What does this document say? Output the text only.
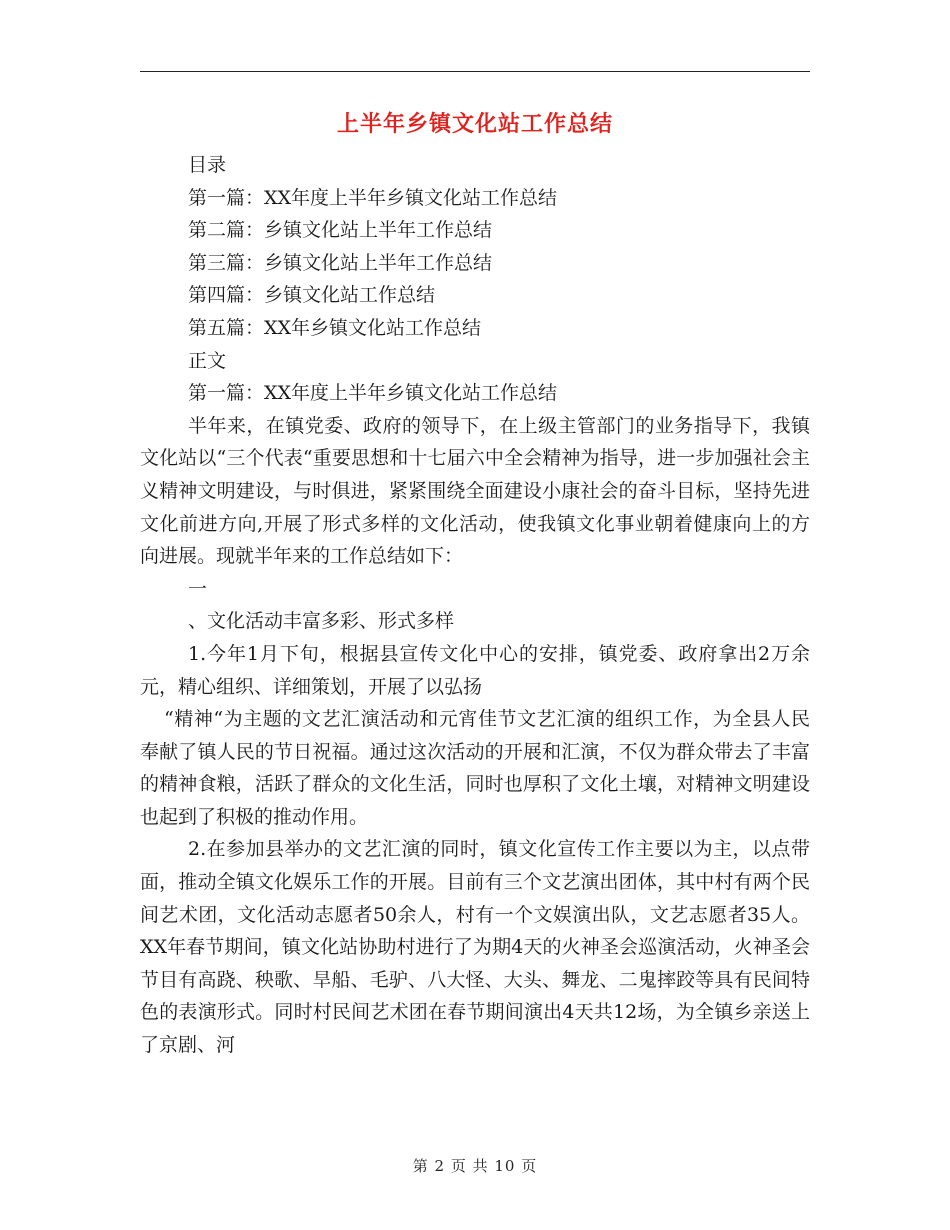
上半年乡镇文化站工作总结

目录

第一篇：XX年度上半年乡镇文化站工作总结

第二篇：乡镇文化站上半年工作总结

第三篇：乡镇文化站上半年工作总结

第四篇：乡镇文化站工作总结

第五篇：XX年乡镇文化站工作总结

正文

第一篇：XX年度上半年乡镇文化站工作总结

半年来，在镇党委、政府的领导下，在上级主管部门的业务指导下，我镇文化站以“三个代表“重要思想和十七届六中全会精神为指导，进一步加强社会主义精神文明建设，与时俱进，紧紧围绕全面建设小康社会的奋斗目标，坚持先进文化前进方向,开展了形式多样的文化活动，使我镇文化事业朝着健康向上的方向进展。现就半年来的工作总结如下：

一

、文化活动丰富多彩、形式多样

1.今年1月下旬，根据县宣传文化中心的安排，镇党委、政府拿出2万余元，精心组织、详细策划，开展了以弘扬

“精神“为主题的文艺汇演活动和元宵佳节文艺汇演的组织工作，为全县人民奉献了镇人民的节日祝福。通过这次活动的开展和汇演，不仅为群众带去了丰富的精神食粮，活跃了群众的文化生活，同时也厚积了文化土壤，对精神文明建设也起到了积极的推动作用。

2.在参加县举办的文艺汇演的同时，镇文化宣传工作主要以为主，以点带面，推动全镇文化娱乐工作的开展。目前有三个文艺演出团体，其中村有两个民间艺术团，文化活动志愿者50余人，村有一个文娱演出队，文艺志愿者35人。XX年春节期间，镇文化站协助村进行了为期4天的火神圣会巡演活动，火神圣会节目有高跷、秧歌、旱船、毛驴、八大怪、大头、舞龙、二鬼摔跤等具有民间特色的表演形式。同时村民间艺术团在春节期间演出4天共12场，为全镇乡亲送上了京剧、河

第 2 页 共 10 页
